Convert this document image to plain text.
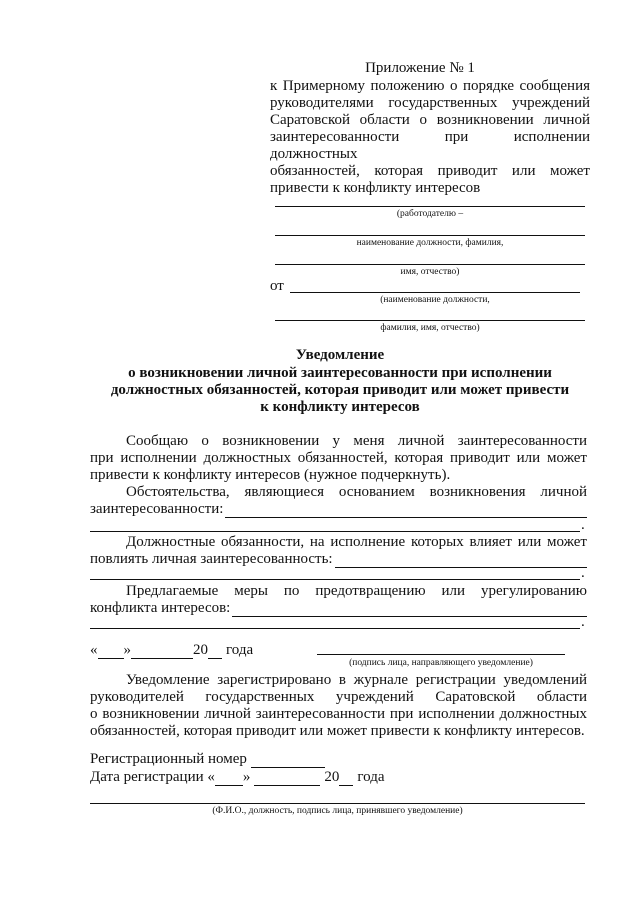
Приложение № 1
к Примерному положению о порядке сообщения
руководителями государственных учреждений
Саратовской области о возникновении личной
заинтересованности при исполнении должностных
обязанностей, которая приводит или может
привести к конфликту интересов
(работодателю –
наименование должности, фамилия,
имя, отчество)
от
(наименование должности,
фамилия, имя, отчество)
Уведомление
о возникновении личной заинтересованности при исполнении
должностных обязанностей, которая приводит или может привести
к конфликту интересов
Сообщаю о возникновении у меня личной заинтересованности
при исполнении должностных обязанностей, которая приводит или может
привести к конфликту интересов (нужное подчеркнуть).
Обстоятельства, являющиеся основанием возникновения личной
заинтересованности:
.
Должностные обязанности, на исполнение которых влияет или может
повлиять личная заинтересованность:
.
Предлагаемые меры по предотвращению или урегулированию
конфликта интересов:
.
« »	20 года
(подпись лица, направляющего уведомление)
Уведомление зарегистрировано в журнале регистрации уведомлений
руководителей государственных учреждений Саратовской области
о возникновении личной заинтересованности при исполнении должностных
обязанностей, которая приводит или может привести к конфликту интересов.
Регистрационный номер
Дата регистрации « »	20 года
(Ф.И.О., должность, подпись лица, принявшего уведомление)
